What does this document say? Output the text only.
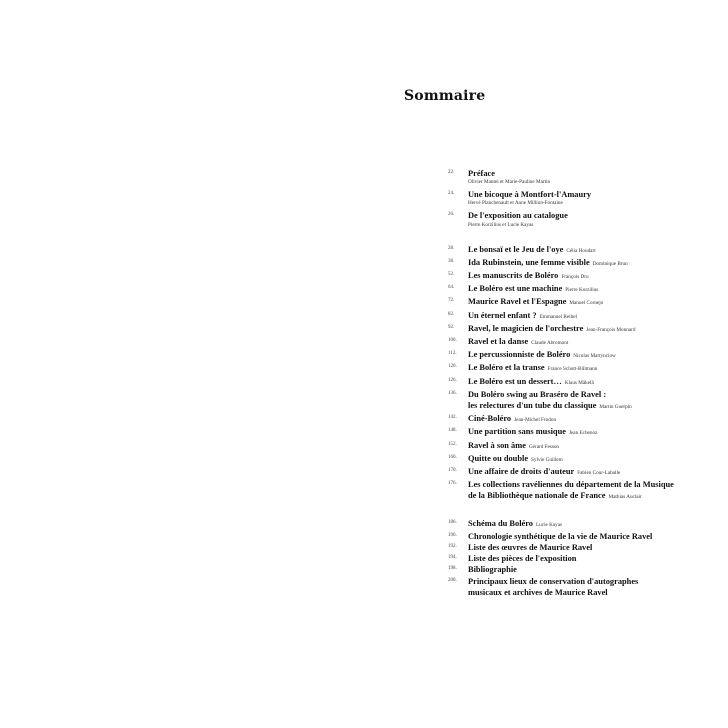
Sommaire
22.	Préface
Olivier Mantei et Marie-Pauline Martin
24.	Une bicoque à Montfort-l'Amaury
Hervé Planchenault et Anne Million-Fontaine
26.	De l'exposition au catalogue
Pierre Korzilius et Lucie Kayas
28.	Le bonsaï et le Jeu de l'oye Célia Houdart
38.	Ida Rubinstein, une femme visible Dominique Brun
52.	Les manuscrits de Boléro François Dru
64.	Le Boléro est une machine Pierre Korzilius
72.	Maurice Ravel et l'Espagne Manuel Cornejo
82.	Un éternel enfant ? Emmanuel Reibel
92.	Ravel, le magicien de l'orchestre Jean-François Monnard
100.	Ravel et la danse Claude Abromont
112.	Le percussionniste de Boléro Nicolas Martynciow
120.	Le Boléro et la transe France Schott-Billmann
126.	Le Boléro est un dessert… Klaus Mäkelä
136.	Du Boléro swing au Braséro de Ravel :
les relectures d'un tube du classique Martin Guerpin
142.	Ciné-Boléro Jean-Michel Frodon
148.	Une partition sans musique Jean Echenoz
152.	Ravel à son âme Gérard Fesson
160.	Quitte ou double Sylvie Guillem
170.	Une affaire de droits d'auteur Fabien Cour-Laballe
176.	Les collections ravéliennes du département de la Musique
de la Bibliothèque nationale de France Mathias Auclair
186.	Schéma du Boléro Lucie Kayas
190.	Chronologie synthétique de la vie de Maurice Ravel
192.	Liste des œuvres de Maurice Ravel
194.	Liste des pièces de l'exposition
198.	Bibliographie
200.	Principaux lieux de conservation d'autographes
musicaux et archives de Maurice Ravel
